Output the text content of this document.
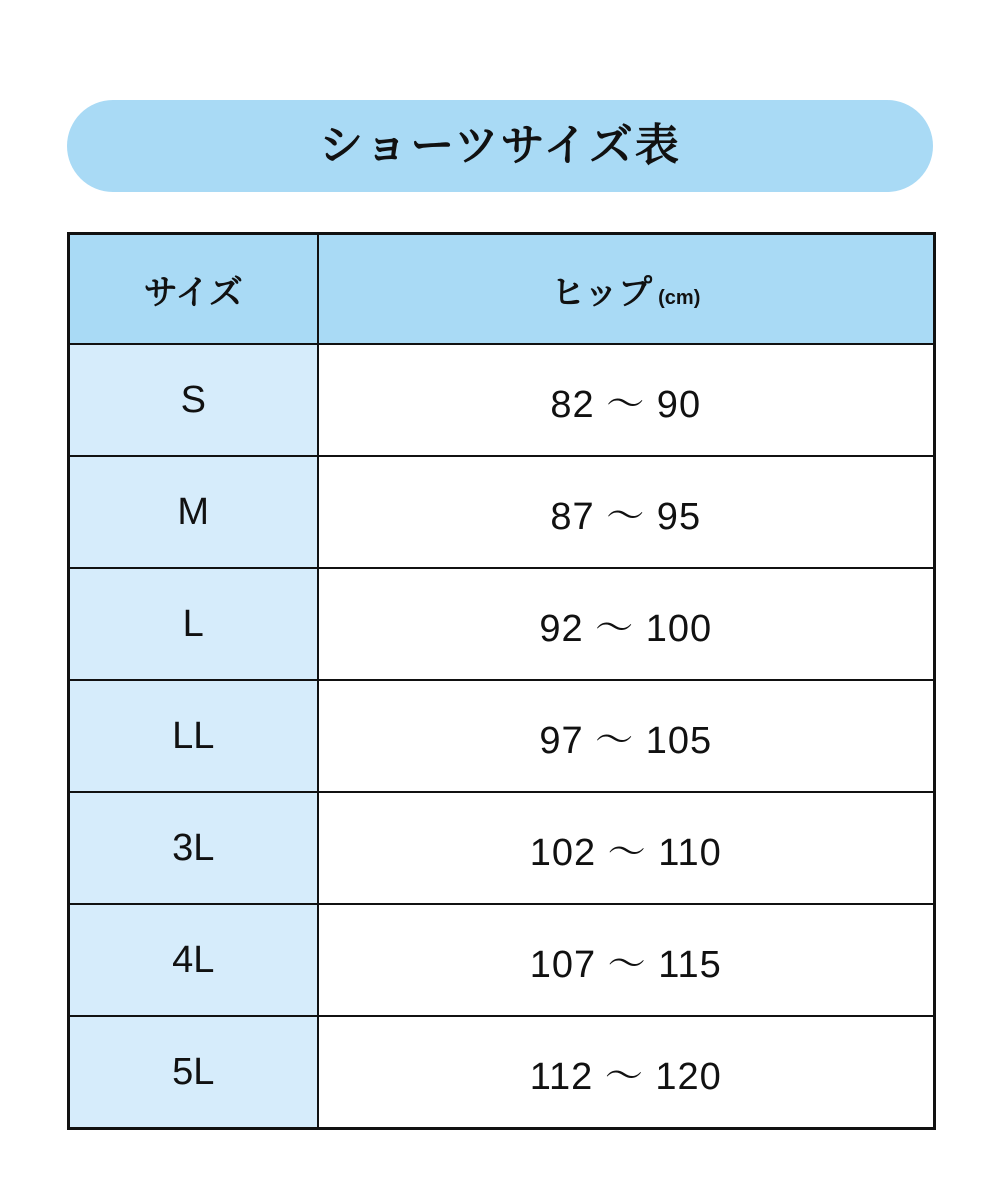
ショーツサイズ表
サイズ	ヒップ (cm)

S	82 〜 90
M	87 〜 95
L	92 〜 100
LL	97 〜 105
3L	102 〜 110
4L	107 〜 115
5L	112 〜 120
